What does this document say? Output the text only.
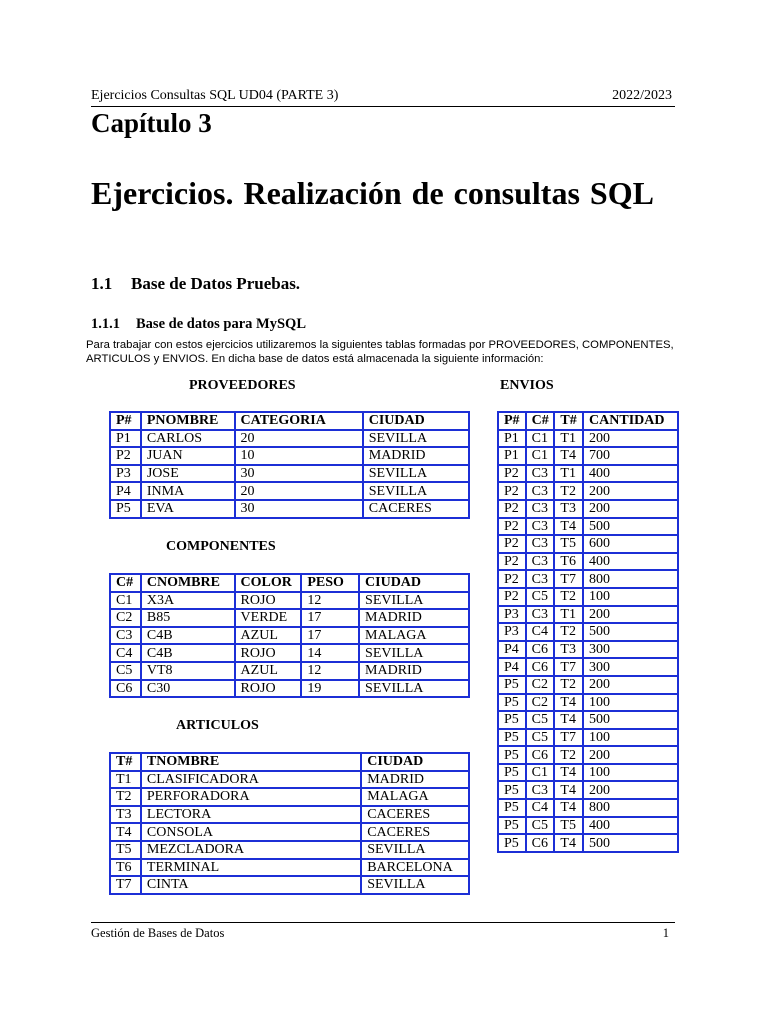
Ejercicios Consultas SQL UD04 (PARTE 3)	2022/2023
Capítulo 3
Ejercicios. Realización de consultas SQL
1.1 Base de Datos Pruebas.
1.1.1 Base de datos para MySQL
Para trabajar con estos ejercicios utilizaremos la siguientes tablas formadas por PROVEEDORES, COMPONENTES, ARTICULOS y ENVIOS. En dicha base de datos está almacenada la siguiente información:
PROVEEDORES
P#	PNOMBRE	CATEGORIA	CIUDAD
P1	CARLOS	20	SEVILLA
P2	JUAN	10	MADRID
P3	JOSE	30	SEVILLA
P4	INMA	20	SEVILLA
P5	EVA	30	CACERES
COMPONENTES
C#	CNOMBRE	COLOR	PESO	CIUDAD
C1	X3A	ROJO	12	SEVILLA
C2	B85	VERDE	17	MADRID
C3	C4B	AZUL	17	MALAGA
C4	C4B	ROJO	14	SEVILLA
C5	VT8	AZUL	12	MADRID
C6	C30	ROJO	19	SEVILLA
ARTICULOS
T#	TNOMBRE	CIUDAD
T1	CLASIFICADORA	MADRID
T2	PERFORADORA	MALAGA
T3	LECTORA	CACERES
T4	CONSOLA	CACERES
T5	MEZCLADORA	SEVILLA
T6	TERMINAL	BARCELONA
T7	CINTA	SEVILLA
ENVIOS
P#	C#	T#	CANTIDAD
P1	C1	T1	200
P1	C1	T4	700
P2	C3	T1	400
P2	C3	T2	200
P2	C3	T3	200
P2	C3	T4	500
P2	C3	T5	600
P2	C3	T6	400
P2	C3	T7	800
P2	C5	T2	100
P3	C3	T1	200
P3	C4	T2	500
P4	C6	T3	300
P4	C6	T7	300
P5	C2	T2	200
P5	C2	T4	100
P5	C5	T4	500
P5	C5	T7	100
P5	C6	T2	200
P5	C1	T4	100
P5	C3	T4	200
P5	C4	T4	800
P5	C5	T5	400
P5	C6	T4	500
Gestión de Bases de Datos	1
